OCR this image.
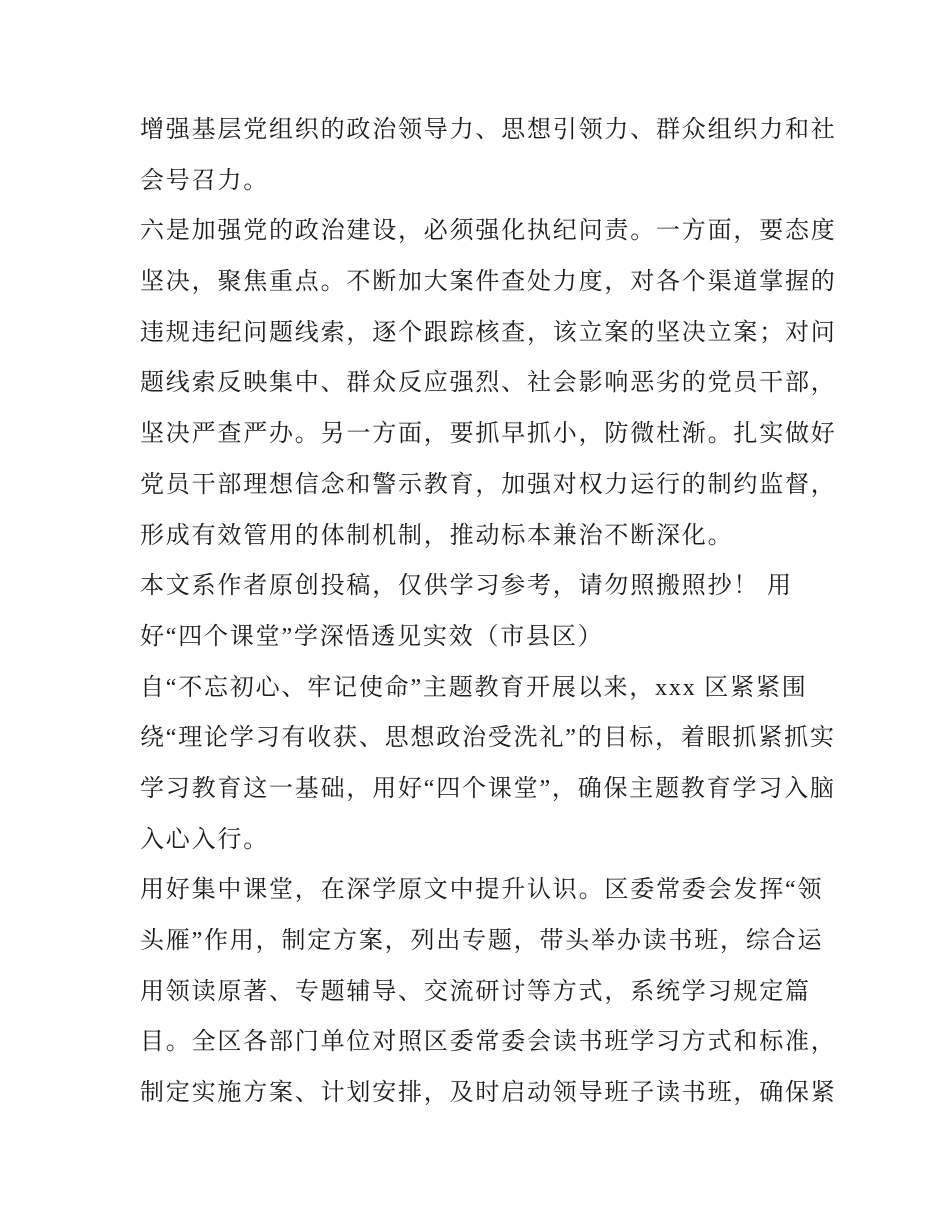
增强基层党组织的政治领导力、思想引领力、群众组织力和社
会号召力。
六是加强党的政治建设，必须强化执纪问责。一方面，要态度
坚决，聚焦重点。不断加大案件查处力度，对各个渠道掌握的
违规违纪问题线索，逐个跟踪核查，该立案的坚决立案；对问
题线索反映集中、群众反应强烈、社会影响恶劣的党员干部，
坚决严查严办。另一方面，要抓早抓小，防微杜渐。扎实做好
党员干部理想信念和警示教育，加强对权力运行的制约监督，
形成有效管用的体制机制，推动标本兼治不断深化。
本文系作者原创投稿，仅供学习参考，请勿照搬照抄！ 用
好“四个课堂”学深悟透见实效（市县区）
自“不忘初心、牢记使命”主题教育开展以来，xxx 区紧紧围
绕“理论学习有收获、思想政治受洗礼”的目标，着眼抓紧抓实
学习教育这一基础，用好“四个课堂”，确保主题教育学习入脑
入心入行。
用好集中课堂，在深学原文中提升认识。区委常委会发挥“领
头雁”作用，制定方案，列出专题，带头举办读书班，综合运
用领读原著、专题辅导、交流研讨等方式，系统学习规定篇
目。全区各部门单位对照区委常委会读书班学习方式和标准，
制定实施方案、计划安排，及时启动领导班子读书班，确保紧
